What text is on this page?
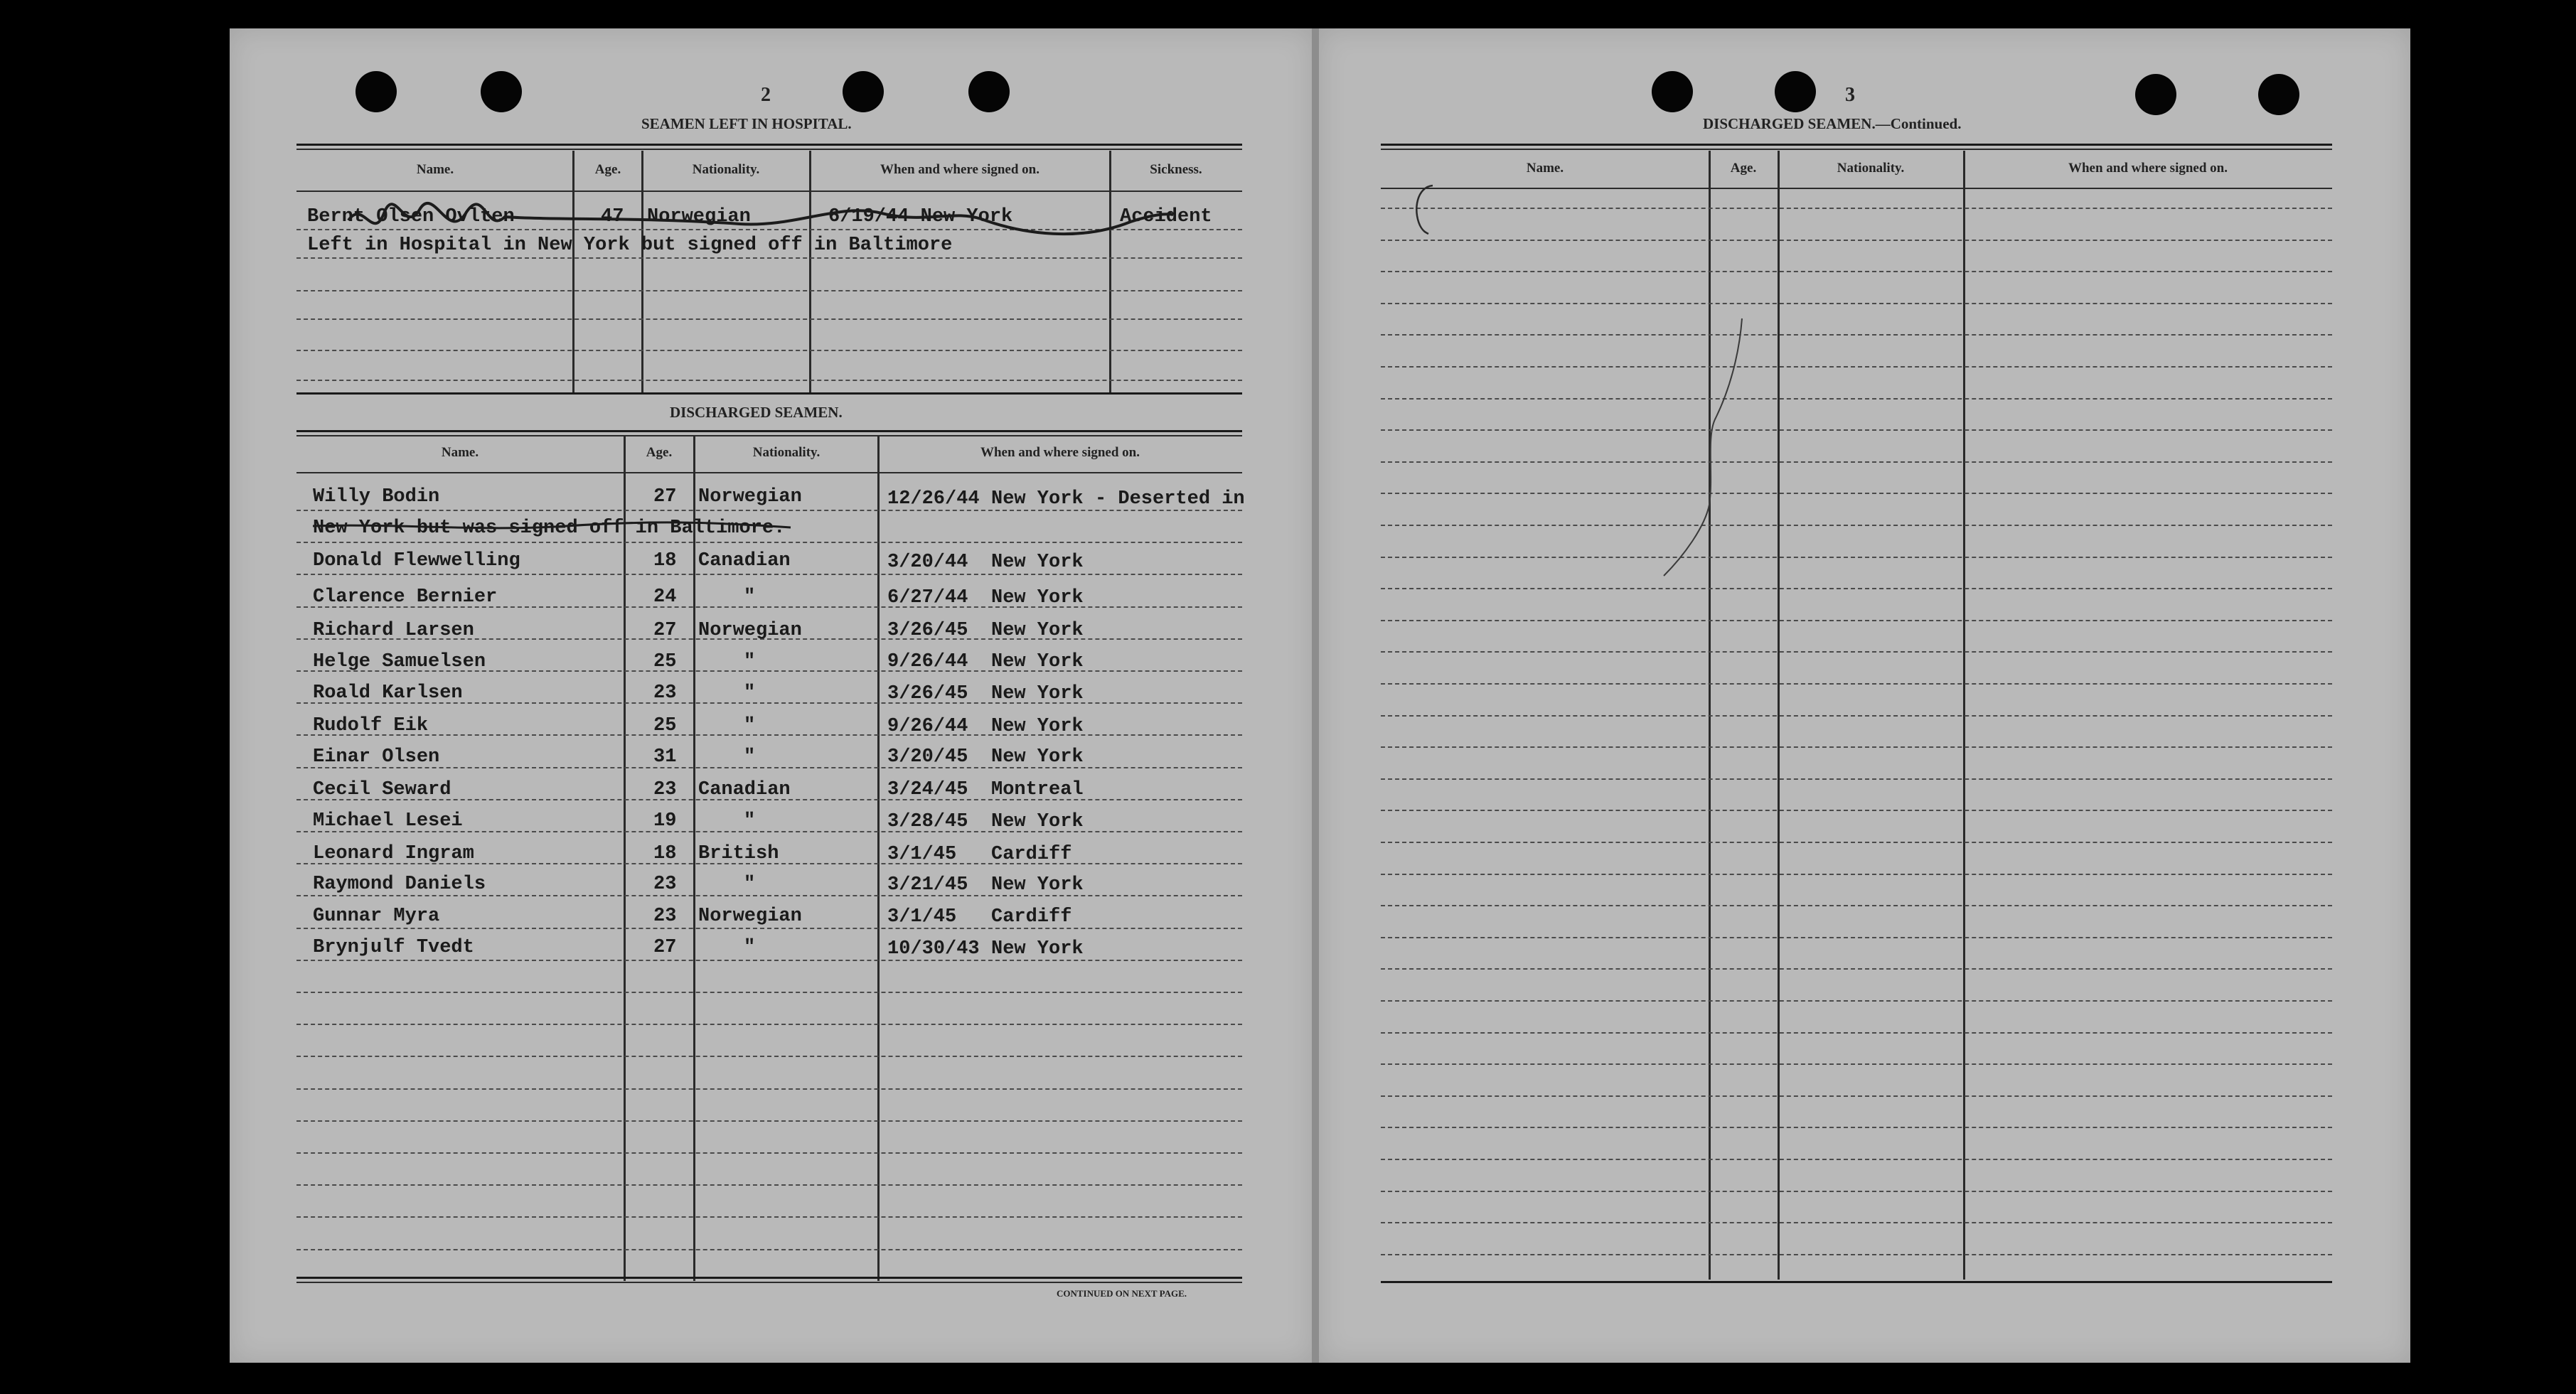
2	3
SEAMEN LEFT IN HOSPITAL.
Name.	Age.	Nationality.	When and where signed on.	Sickness.
Bernt Olsen Ovlten	47 Norwegian	6/19/44 New York	Accident
Left in Hospital in New York but signed off in Baltimore
DISCHARGED SEAMEN.
Name.	Age.	Nationality.	When and where signed on.
Willy Bodin	27 Norwegian	12/26/44 New York - Deserted in
New York but was signed off in Baltimore.
Donald Flewwelling	18 Canadian	3/20/44 New York
Clarence Bernier	24	"	6/27/44 New York
Richard Larsen	27 Norwegian	3/26/45 New York
Helge Samuelsen	25	"	9/26/44 New York
Roald Karlsen	23	"	3/26/45 New York
Rudolf Eik	25	"	9/26/44 New York
Einar Olsen	31	"	3/20/45 New York
Cecil Seward	23 Canadian	3/24/45 Montreal
Michael Lesei	19	"	3/28/45 New York
Leonard Ingram	18 British	3/1/45 Cardiff
Raymond Daniels	23	"	3/21/45 New York
Gunnar Myra	23 Norwegian	3/1/45 Cardiff
Brynjulf Tvedt	27	"	10/30/43 New York
CONTINUED ON NEXT PAGE.
DISCHARGED SEAMEN.—Continued.
Name.	Age.	Nationality.	When and where signed on.
